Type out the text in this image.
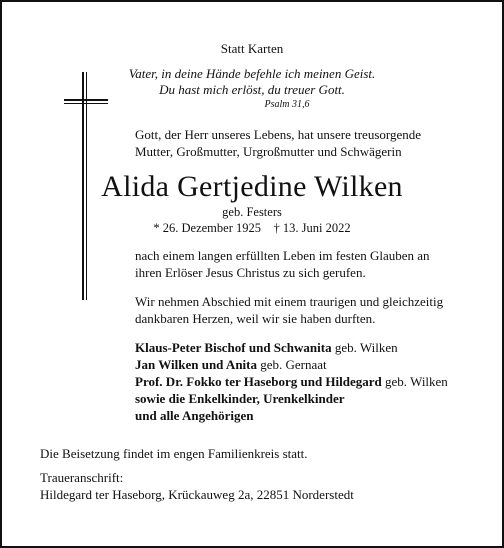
Statt Karten
Vater, in deine Hände befehle ich meinen Geist.
Du hast mich erlöst, du treuer Gott.
Psalm 31,6
Gott, der Herr unseres Lebens, hat unsere treusorgende
Mutter, Großmutter, Urgroßmutter und Schwägerin
Alida Gertjedine Wilken
geb. Festers
* 26. Dezember 1925    † 13. Juni 2022
nach einem langen erfüllten Leben im festen Glauben an
ihren Erlöser Jesus Christus zu sich gerufen.
Wir nehmen Abschied mit einem traurigen und gleichzeitig
dankbaren Herzen, weil wir sie haben durften.
Klaus-Peter Bischof und Schwanita geb. Wilken
Jan Wilken und Anita geb. Gernaat
Prof. Dr. Fokko ter Haseborg und Hildegard geb. Wilken
sowie die Enkelkinder, Urenkelkinder
und alle Angehörigen
Die Beisetzung findet im engen Familienkreis statt.
Traueranschrift:
Hildegard ter Haseborg, Krückauweg 2a, 22851 Norderstedt
